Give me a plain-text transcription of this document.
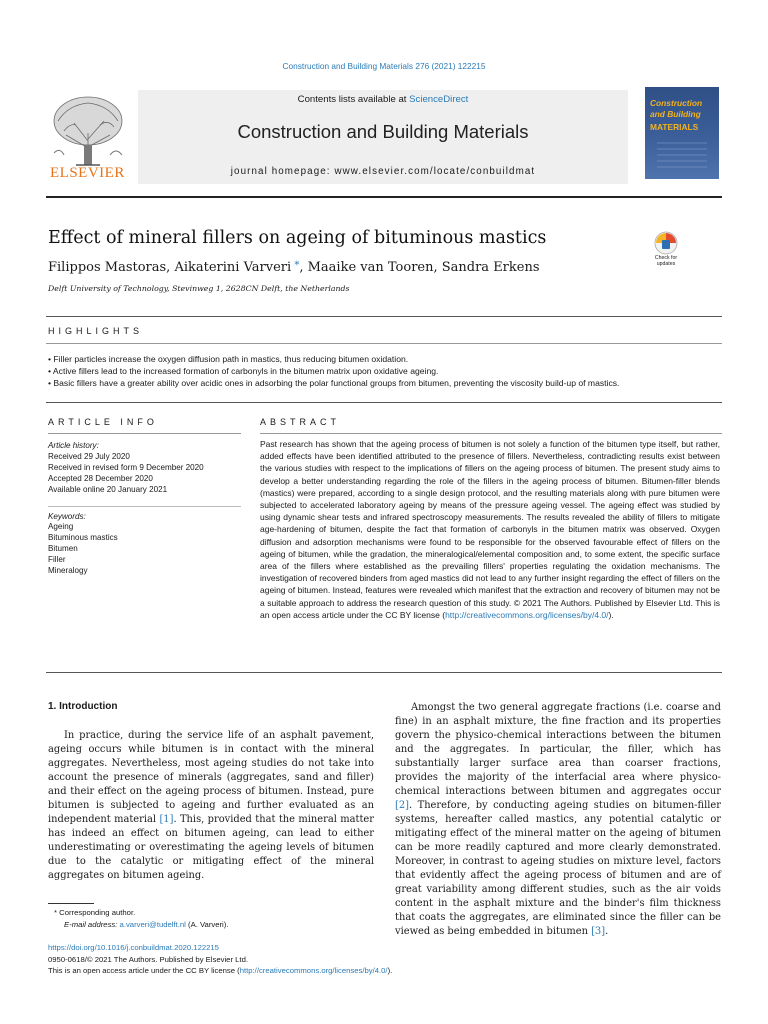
Construction and Building Materials 276 (2021) 122215
ELSEVIER
Contents lists available at ScienceDirect
Construction and Building Materials
journal homepage: www.elsevier.com/locate/conbuildmat
Construction and Building
MATERIALS
Effect of mineral fillers on ageing of bituminous mastics
Filippos Mastoras, Aikaterini Varveri *, Maaike van Tooren, Sandra Erkens
Delft University of Technology, Stevinweg 1, 2628CN Delft, the Netherlands
Check for updates
HIGHLIGHTS
• Filler particles increase the oxygen diffusion path in mastics, thus reducing bitumen oxidation.
• Active fillers lead to the increased formation of carbonyls in the bitumen matrix upon oxidative ageing.
• Basic fillers have a greater ability over acidic ones in adsorbing the polar functional groups from bitumen, preventing the viscosity build-up of mastics.
ARTICLE INFO
Article history:
Received 29 July 2020
Received in revised form 9 December 2020
Accepted 28 December 2020
Available online 20 January 2021
Keywords:
Ageing
Bituminous mastics
Bitumen
Filler
Mineralogy
ABSTRACT
Past research has shown that the ageing process of bitumen is not solely a function of the bitumen type itself, but rather, added effects have been identified attributed to the presence of fillers. Nevertheless, contradicting results exist between the various studies with respect to the implications of fillers on the ageing process of bitumen. The present study aims to develop a better understanding regarding the role of the fillers in the ageing process of bitumen. Bitumen-filler blends (mastics) were prepared, according to a single design protocol, and the resulting materials along with pure bitumen were subjected to accelerated laboratory ageing by means of the pressure ageing vessel. The ageing effect was studied by using dynamic shear tests and infrared spectroscopy measurements. The results revealed the ability of fillers to mitigate age-hardening of bitumen, despite the fact that formation of carbonyls in the bitumen matrix was observed. Oxygen diffusion and adsorption mechanisms were found to be responsible for the observed favourable effect of fillers on the ageing of bitumen, while the gradation, the mineralogical/elemental composition and, to some extent, the specific surface area of the fillers where established as the prevailing fillers' properties regulating the oxidation mechanisms. The investigation of recovered binders from aged mastics did not lead to any further insight regarding the effect of fillers on the ageing of bitumen. Instead, features were revealed which manifest that the extraction and recovery of bitumen may not be a suitable approach to address the research question of this study. © 2021 The Authors. Published by Elsevier Ltd. This is an open access article under the CC BY license (http://creativecommons.org/licenses/by/4.0/).
1. Introduction
In practice, during the service life of an asphalt pavement, ageing occurs while bitumen is in contact with the mineral aggregates. Nevertheless, most ageing studies do not take into account the presence of minerals (aggregates, sand and filler) and their effect on the ageing process of bitumen. Instead, pure bitumen is subjected to ageing and further evaluated as an independent material [1]. This, provided that the mineral matter has indeed an effect on bitumen ageing, can lead to either underestimating or overestimating the ageing levels of bitumen due to the catalytic or mitigating effect of the mineral aggregates on bitumen ageing.
Amongst the two general aggregate fractions (i.e. coarse and fine) in an asphalt mixture, the fine fraction and its properties govern the physico-chemical interactions between the bitumen and the aggregates. In particular, the filler, which has substantially larger surface area than coarser fractions, provides the majority of the interfacial area where physico-chemical interactions between bitumen and aggregates occur [2]. Therefore, by conducting ageing studies on bitumen-filler systems, hereafter called mastics, any potential catalytic or mitigating effect of the mineral matter on the ageing of bitumen can be more readily captured and more clearly demonstrated. Moreover, in contrast to ageing studies on mixture level, factors that evidently affect the ageing process of bitumen and are of great variability among different studies, such as the air voids content in the asphalt mixture and the binder's film thickness that coats the aggregates, are eliminated since the filler can be viewed as being embedded in bitumen [3].
* Corresponding author.
E-mail address: a.varveri@tudelft.nl (A. Varveri).
https://doi.org/10.1016/j.conbuildmat.2020.122215
0950-0618/© 2021 The Authors. Published by Elsevier Ltd.
This is an open access article under the CC BY license (http://creativecommons.org/licenses/by/4.0/).
